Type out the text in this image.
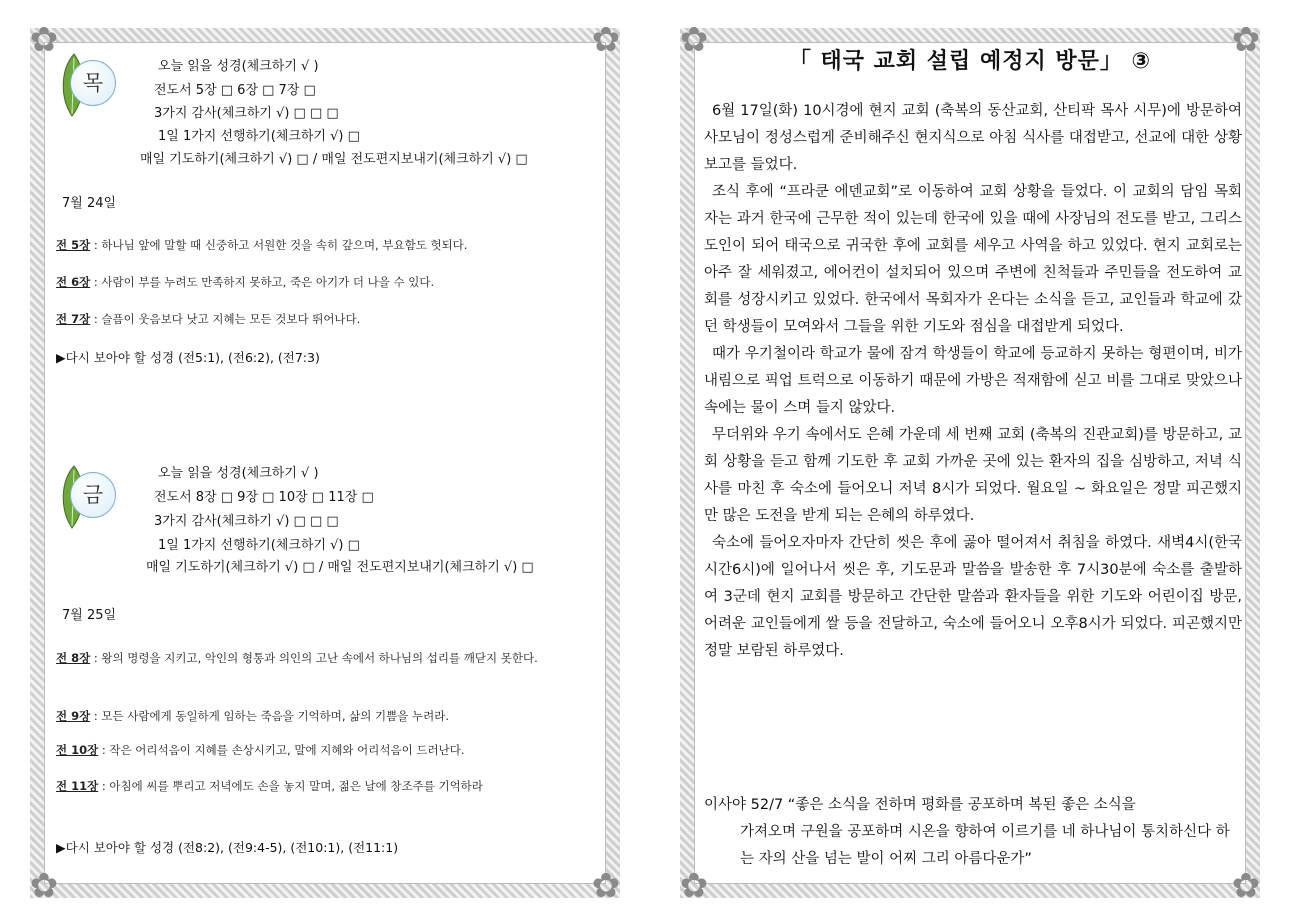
✿	✿
✿	✿
목
오늘 읽을 성경(체크하기 √ )
전도서 5장 □ 6장 □ 7장 □
3가지 감사(체크하기 √) □ □ □
1일 1가지 선행하기(체크하기 √) □
매일 기도하기(체크하기 √) □ / 매일 전도편지보내기(체크하기 √) □
7월 24일
전 5장 : 하나님 앞에 말할 때 신중하고 서원한 것을 속히 갚으며, 부요함도 헛되다.
전 6장 : 사람이 부를 누려도 만족하지 못하고, 죽은 아기가 더 나을 수 있다.
전 7장 : 슬픔이 웃음보다 낫고 지혜는 모든 것보다 뛰어나다.
▶다시 보아야 할 성경 (전5:1), (전6:2), (전7:3)
금
오늘 읽을 성경(체크하기 √ )
전도서 8장 □ 9장 □ 10장 □ 11장 □
3가지 감사(체크하기 √) □ □ □
1일 1가지 선행하기(체크하기 √) □
매일 기도하기(체크하기 √) □ / 매일 전도편지보내기(체크하기 √) □
7월 25일
전 8장 : 왕의 명령을 지키고, 악인의 형통과 의인의 고난 속에서 하나님의 섭리를 깨닫지 못한다.
전 9장 : 모든 사람에게 동일하게 임하는 죽음을 기억하며, 삶의 기쁨을 누려라.
전 10장 : 작은 어리석음이 지혜를 손상시키고, 말에 지혜와 어리석음이 드러난다.
전 11장 : 아침에 씨를 뿌리고 저녁에도 손을 놓지 말며, 젊은 날에 창조주를 기억하라
▶다시 보아야 할 성경 (전8:2), (전9:4-5), (전10:1), (전11:1)
✿	✿
✿	✿
「 태국 교회 설립 예정지 방문」 ③

6월 17일(화) 10시경에 현지 교회 (축복의 동산교회, 산티팍 목사 시무)에 방문하여 사모님이 정성스럽게 준비해주신 현지식으로 아침 식사를 대접받고, 선교에 대한 상황 보고를 들었다.

조식 후에 “프라쿤 에덴교회”로 이동하여 교회 상황을 들었다. 이 교회의 담임 목회자는 과거 한국에 근무한 적이 있는데 한국에 있을 때에 사장님의 전도를 받고, 그리스도인이 되어 태국으로 귀국한 후에 교회를 세우고 사역을 하고 있었다. 현지 교회로는 아주 잘 세워졌고, 에어컨이 설치되어 있으며 주변에 친척들과 주민들을 전도하여 교회를 성장시키고 있었다. 한국에서 목회자가 온다는 소식을 듣고, 교인들과 학교에 갔던 학생들이 모여와서 그들을 위한 기도와 점심을 대접받게 되었다.

때가 우기철이라 학교가 물에 잠겨 학생들이 학교에 등교하지 못하는 형편이며, 비가 내림으로 픽업 트럭으로 이동하기 때문에 가방은 적재함에 싣고 비를 그대로 맞았으나 속에는 물이 스며 들지 않았다.

무더위와 우기 속에서도 은혜 가운데 세 번째 교회 (축복의 진관교회)를 방문하고, 교회 상황을 듣고 함께 기도한 후 교회 가까운 곳에 있는 환자의 집을 심방하고, 저녁 식사를 마친 후 숙소에 들어오니 저녁 8시가 되었다. 월요일 ~ 화요일은 정말 피곤했지만 많은 도전을 받게 되는 은혜의 하루였다.

숙소에 들어오자마자 간단히 씻은 후에 곯아 떨어져서 취침을 하였다. 새벽4시(한국시간6시)에 일어나서 씻은 후, 기도문과 말씀을 발송한 후 7시30분에 숙소를 출발하여 3군데 현지 교회를 방문하고 간단한 말씀과 환자들을 위한 기도와 어린이집 방문, 어려운 교인들에게 쌀 등을 전달하고, 숙소에 들어오니 오후8시가 되었다. 피곤했지만 정말 보람된 하루였다.

이사야 52/7 “좋은 소식을 전하며 평화를 공포하며 복된 좋은 소식을
가져오며 구원을 공포하며 시온을 향하여 이르기를 네 하나님이 통치하신다 하는 자의 산을 넘는 발이 어찌 그리 아름다운가”
